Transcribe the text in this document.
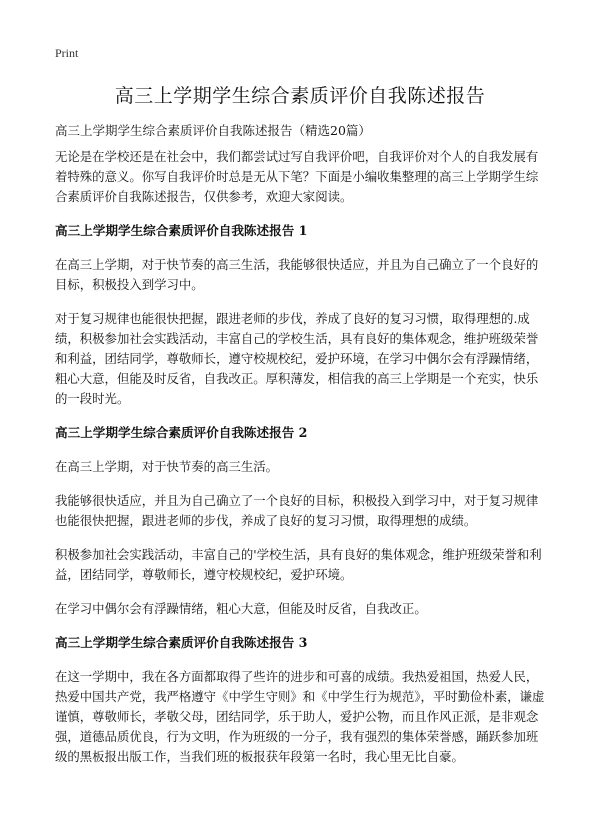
Print
高三上学期学生综合素质评价自我陈述报告
高三上学期学生综合素质评价自我陈述报告（精选20篇）

无论是在学校还是在社会中，我们都尝试过写自我评价吧，自我评价对个人的自我发展有着特殊的意义。你写自我评价时总是无从下笔？下面是小编收集整理的高三上学期学生综合素质评价自我陈述报告，仅供参考，欢迎大家阅读。

高三上学期学生综合素质评价自我陈述报告 1

在高三上学期，对于快节奏的高三生活，我能够很快适应，并且为自己确立了一个良好的目标，积极投入到学习中。

对于复习规律也能很快把握，跟进老师的步伐，养成了良好的复习习惯，取得理想的.成绩，积极参加社会实践活动，丰富自己的学校生活，具有良好的集体观念，维护班级荣誉和利益，团结同学，尊敬师长，遵守校规校纪，爱护环境，在学习中偶尔会有浮躁情绪，粗心大意，但能及时反省，自我改正。厚积薄发，相信我的高三上学期是一个充实，快乐的一段时光。

高三上学期学生综合素质评价自我陈述报告 2

在高三上学期，对于快节奏的高三生活。

我能够很快适应，并且为自己确立了一个良好的目标，积极投入到学习中，对于复习规律也能很快把握，跟进老师的步伐，养成了良好的复习习惯，取得理想的成绩。

积极参加社会实践活动，丰富自己的'学校生活，具有良好的集体观念，维护班级荣誉和利益，团结同学，尊敬师长，遵守校规校纪，爱护环境。

在学习中偶尔会有浮躁情绪，粗心大意，但能及时反省，自我改正。

高三上学期学生综合素质评价自我陈述报告 3

在这一学期中，我在各方面都取得了些许的进步和可喜的成绩。我热爱祖国，热爱人民，热爱中国共产党，我严格遵守《中学生守则》和《中学生行为规范》，平时勤俭朴素，谦虚谨慎，尊敬师长，孝敬父母，团结同学，乐于助人，爱护公物，而且作风正派，是非观念强，道德品质优良，行为文明，作为班级的一分子，我有强烈的集体荣誉感，踊跃参加班级的黑板报出版工作，当我们班的板报获年段第一名时，我心里无比自豪。
